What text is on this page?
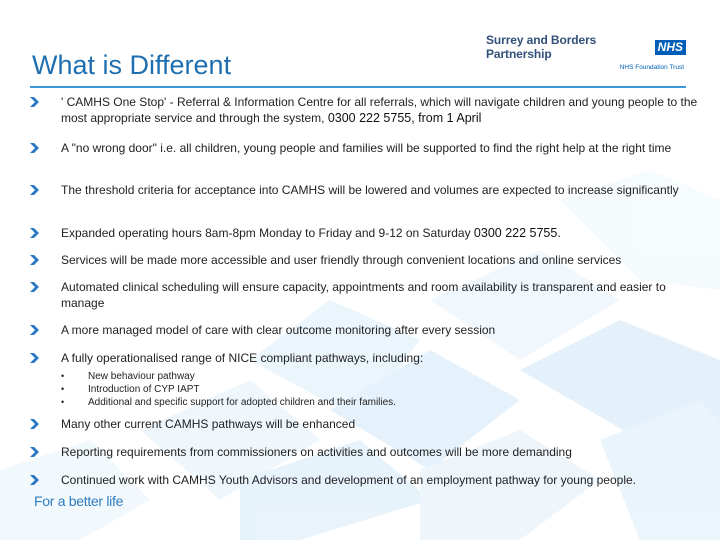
Surrey and Borders Partnership
NHS
NHS Foundation Trust
What is Different
' CAMHS One Stop' - Referral & Information Centre for all referrals, which will navigate children and young people to the most appropriate service and through the system, 0300 222 5755, from 1 April
A "no wrong door" i.e. all children, young people and families will be supported to find the right help at the right time
The threshold criteria for acceptance into CAMHS will be lowered and volumes are expected to increase significantly
Expanded operating hours 8am-8pm Monday to Friday and 9-12 on Saturday 0300 222 5755.
Services will be made more accessible and user friendly through convenient locations and online services
Automated clinical scheduling will ensure capacity, appointments and room availability is transparent and easier to manage
A more managed model of care with clear outcome monitoring after every session
A fully operationalised range of NICE compliant pathways, including:
• New behaviour pathway
• Introduction of CYP IAPT
• Additional and specific support for adopted children and their families.
Many other current CAMHS pathways will be enhanced
Reporting requirements from commissioners on activities and outcomes will be more demanding
Continued work with CAMHS Youth Advisors and development of an employment pathway for young people.
For a better life
